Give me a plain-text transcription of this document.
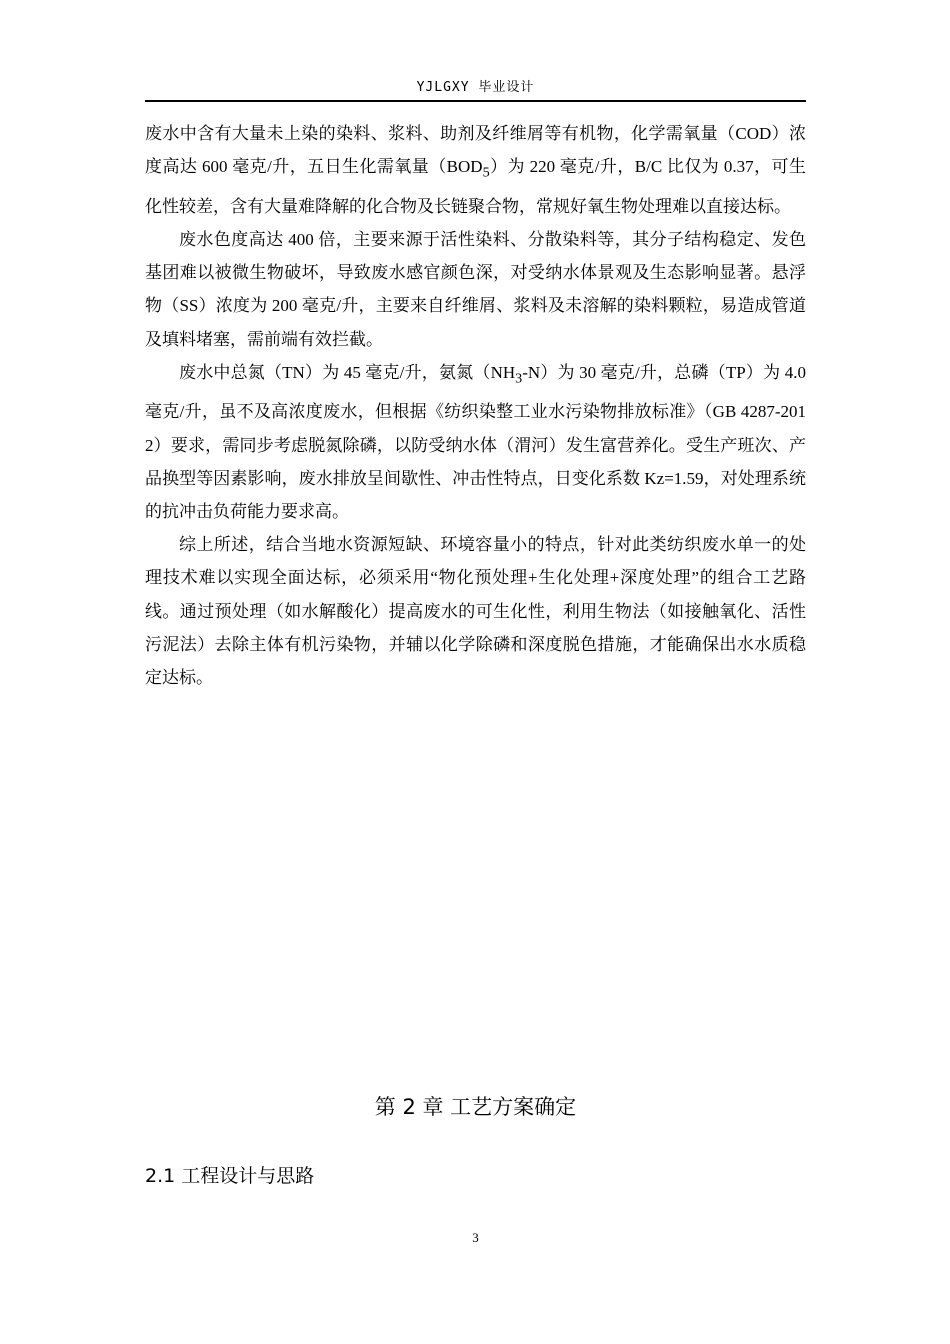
YJLGXY 毕业设计

废水中含有大量未上染的染料、浆料、助剂及纤维屑等有机物，化学需氧量（COD）浓度高达 600 毫克/升，五日生化需氧量$(BOD_5)$为 220 毫克/升，B/C 比仅为 0.37，可生化性较差，含有大量难降解的化合物及长链聚合物，常规好氧生物处理难以直接达标。

废水色度高达 400 倍，主要来源于活性染料、分散染料等，其分子结构稳定、发色基团难以被微生物破坏，导致废水感官颜色深，对受纳水体景观及生态影响显著。悬浮物（SS）浓度为 200 毫克/升，主要来自纤维屑、浆料及未溶解的染料颗粒，易造成管道及填料堵塞，需前端有效拦截。

废水中总氮（TN）为 45 毫克/升，氨氮$(NH_3-N)$为 30 毫克/升，总磷（TP）为 4.0 毫克/升，虽不及高浓度废水，但根据《纺织染整工业水污染物排放标准》（GB 4287-2012）要求，需同步考虑脱氮除磷，以防受纳水体（渭河）发生富营养化。受生产班次、产品换型等因素影响，废水排放呈间歇性、冲击性特点，日变化系数 Kz=1.59，对处理系统的抗冲击负荷能力要求高。

综上所述，结合当地水资源短缺、环境容量小的特点，针对此类纺织废水单一的处理技术难以实现全面达标，必须采用“物化预处理+生化处理+深度处理”的组合工艺路线。通过预处理（如水解酸化）提高废水的可生化性，利用生物法（如接触氧化、活性污泥法）去除主体有机污染物，并辅以化学除磷和深度脱色措施，才能确保出水水质稳定达标。

第 2 章 工艺方案确定
2.1 工程设计与思路
3
